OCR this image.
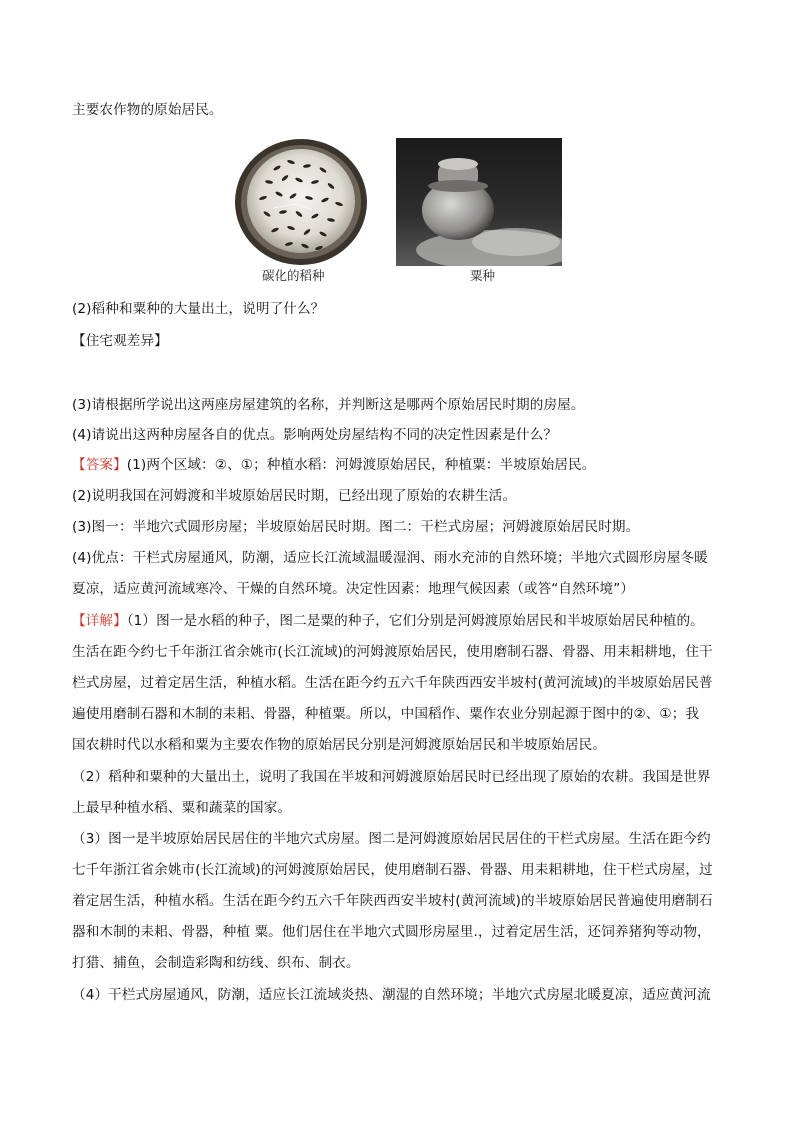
主要农作物的原始居民。
碳化的稻种	粟种
(2)稻种和粟种的大量出土，说明了什么？
【住宅观差异】
(3)请根据所学说出这两座房屋建筑的名称，并判断这是哪两个原始居民时期的房屋。
(4)请说出这两种房屋各自的优点。影响两处房屋结构不同的决定性因素是什么？
【答案】(1)两个区域：②、①；种植水稻：河姆渡原始居民，种植粟：半坡原始居民。
(2)说明我国在河姆渡和半坡原始居民时期，已经出现了原始的农耕生活。
(3)图一：半地穴式圆形房屋；半坡原始居民时期。图二：干栏式房屋；河姆渡原始居民时期。
(4)优点：干栏式房屋通风，防潮，适应长江流域温暖湿润、雨水充沛的自然环境；半地穴式圆形房屋冬暖
夏凉，适应黄河流域寒冷、干燥的自然环境。决定性因素：地理气候因素（或答“自然环境”）
【详解】（1）图一是水稻的种子，图二是粟的种子，它们分别是河姆渡原始居民和半坡原始居民种植的。
生活在距今约七千年浙江省余姚市(长江流域)的河姆渡原始居民，使用磨制石器、骨器、用耒耜耕地，住干
栏式房屋，过着定居生活，种植水稻。生活在距今约五六千年陕西西安半坡村(黄河流域)的半坡原始居民普
遍使用磨制石器和木制的耒耜、骨器，种植粟。所以，中国稻作、粟作农业分别起源于图中的②、①；我
国农耕时代以水稻和粟为主要农作物的原始居民分别是河姆渡原始居民和半坡原始居民。
（2）稻种和粟种的大量出土，说明了我国在半坡和河姆渡原始居民时已经出现了原始的农耕。我国是世界
上最早种植水稻、粟和蔬菜的国家。
（3）图一是半坡原始居民居住的半地穴式房屋。图二是河姆渡原始居民居住的干栏式房屋。生活在距今约
七千年浙江省余姚市(长江流域)的河姆渡原始居民，使用磨制石器、骨器、用耒耜耕地，住干栏式房屋，过
着定居生活，种植水稻。生活在距今约五六千年陕西西安半坡村(黄河流域)的半坡原始居民普遍使用磨制石
器和木制的耒耜、骨器，种植 粟。他们居住在半地穴式圆形房屋里.，过着定居生活，还饲养猪狗等动物，
打猎、捕鱼，会制造彩陶和纺线、织布、制衣。
（4）干栏式房屋通风，防潮，适应长江流域炎热、潮湿的自然环境；半地穴式房屋北暖夏凉，适应黄河流
